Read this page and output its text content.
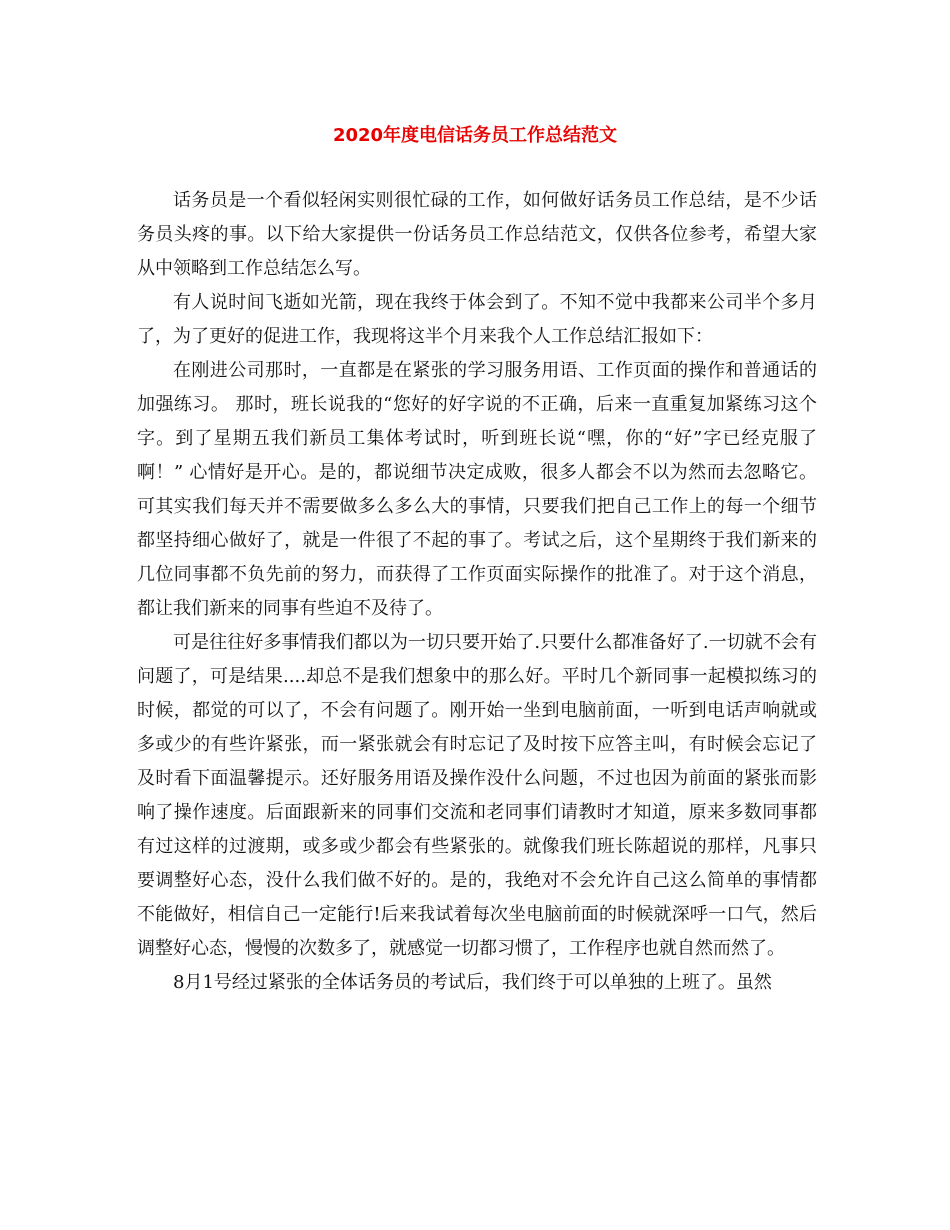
2020年度电信话务员工作总结范文

话务员是一个看似轻闲实则很忙碌的工作，如何做好话务员工作总结，是不少话务员头疼的事。以下给大家提供一份话务员工作总结范文，仅供各位参考，希望大家从中领略到工作总结怎么写。

有人说时间飞逝如光箭，现在我终于体会到了。不知不觉中我都来公司半个多月了，为了更好的促进工作，我现将这半个月来我个人工作总结汇报如下：

在刚进公司那时，一直都是在紧张的学习服务用语、工作页面的操作和普通话的加强练习。 那时，班长说我的“您好的好字说的不正确，后来一直重复加紧练习这个字。到了星期五我们新员工集体考试时，听到班长说“嘿，你的“好”字已经克服了啊！” 心情好是开心。是的，都说细节决定成败，很多人都会不以为然而去忽略它。可其实我们每天并不需要做多么多么大的事情，只要我们把自己工作上的每一个细节都坚持细心做好了，就是一件很了不起的事了。考试之后，这个星期终于我们新来的几位同事都不负先前的努力，而获得了工作页面实际操作的批准了。对于这个消息，都让我们新来的同事有些迫不及待了。

可是往往好多事情我们都以为一切只要开始了.只要什么都准备好了.一切就不会有问题了，可是结果....却总不是我们想象中的那么好。平时几个新同事一起模拟练习的时候，都觉的可以了，不会有问题了。刚开始一坐到电脑前面，一听到电话声响就或多或少的有些许紧张，而一紧张就会有时忘记了及时按下应答主叫，有时候会忘记了及时看下面温馨提示。还好服务用语及操作没什么问题，不过也因为前面的紧张而影响了操作速度。后面跟新来的同事们交流和老同事们请教时才知道，原来多数同事都有过这样的过渡期，或多或少都会有些紧张的。就像我们班长陈超说的那样，凡事只要调整好心态，没什么我们做不好的。是的，我绝对不会允许自己这么简单的事情都不能做好，相信自己一定能行!后来我试着每次坐电脑前面的时候就深呼一口气，然后调整好心态，慢慢的次数多了，就感觉一切都习惯了，工作程序也就自然而然了。

8月1号经过紧张的全体话务员的考试后，我们终于可以单独的上班了。虽然
